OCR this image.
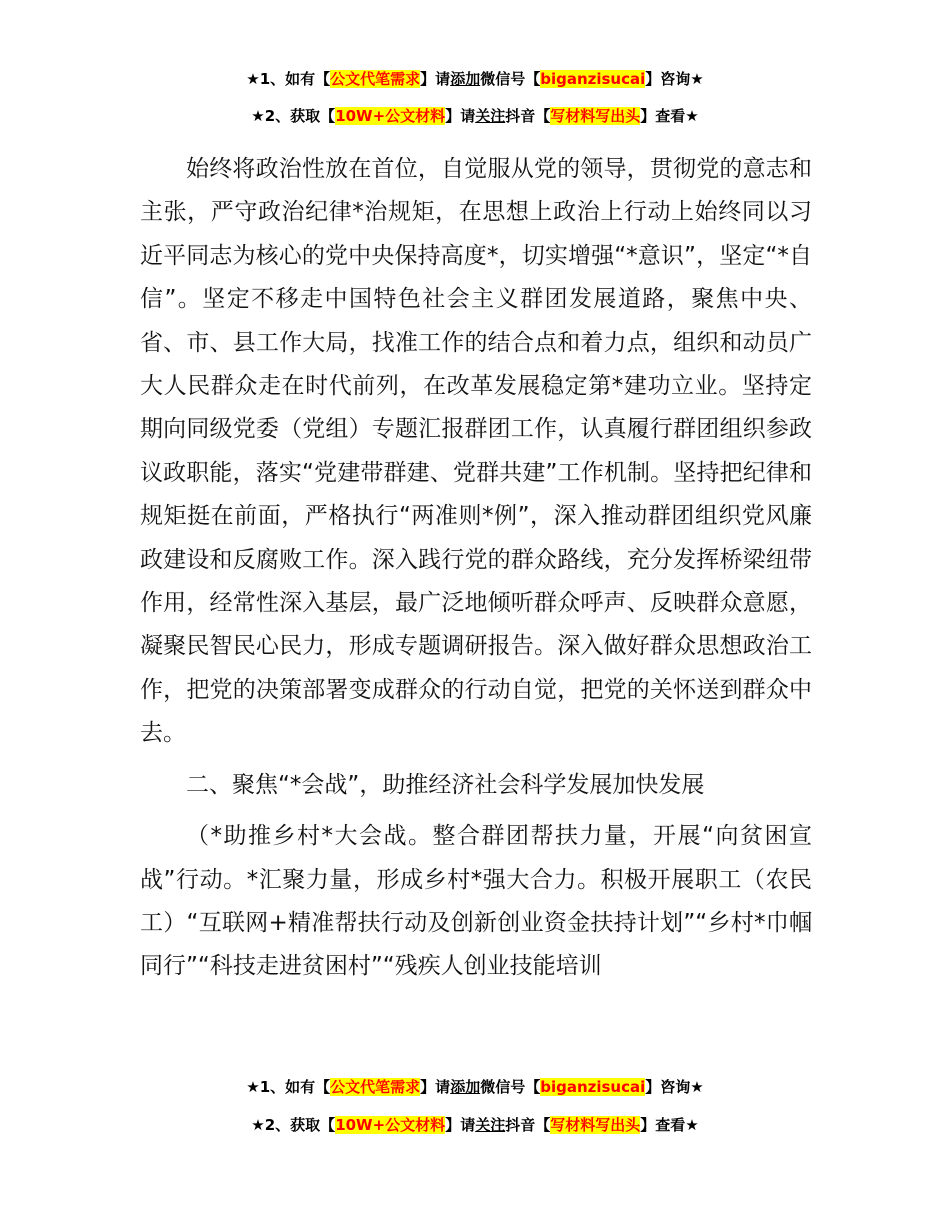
★1、如有【公文代笔需求】请添加微信号【biganzisucai】咨询★
★2、获取【10W+公文材料】请关注抖音【写材料写出头】查看★

始终将政治性放在首位，自觉服从党的领导，贯彻党的意志和主张，严守政治纪律*治规矩，在思想上政治上行动上始终同以习近平同志为核心的党中央保持高度*，切实增强“*意识”，坚定“*自信”。坚定不移走中国特色社会主义群团发展道路，聚焦中央、省、市、县工作大局，找准工作的结合点和着力点，组织和动员广大人民群众走在时代前列，在改革发展稳定第*建功立业。坚持定期向同级党委（党组）专题汇报群团工作，认真履行群团组织参政议政职能，落实“党建带群建、党群共建”工作机制。坚持把纪律和规矩挺在前面，严格执行“两准则*例”，深入推动群团组织党风廉政建设和反腐败工作。深入践行党的群众路线，充分发挥桥梁纽带作用，经常性深入基层，最广泛地倾听群众呼声、反映群众意愿，凝聚民智民心民力，形成专题调研报告。深入做好群众思想政治工作，把党的决策部署变成群众的行动自觉，把党的关怀送到群众中去。

二、聚焦“*会战”，助推经济社会科学发展加快发展

（*助推乡村*大会战。整合群团帮扶力量，开展“向贫困宣战”行动。*汇聚力量，形成乡村*强大合力。积极开展职工（农民工）“互联网+精准帮扶行动及创新创业资金扶持计划”“乡村*巾帼同行”“科技走进贫困村”“残疾人创业技能培训

★1、如有【公文代笔需求】请添加微信号【biganzisucai】咨询★
★2、获取【10W+公文材料】请关注抖音【写材料写出头】查看★
